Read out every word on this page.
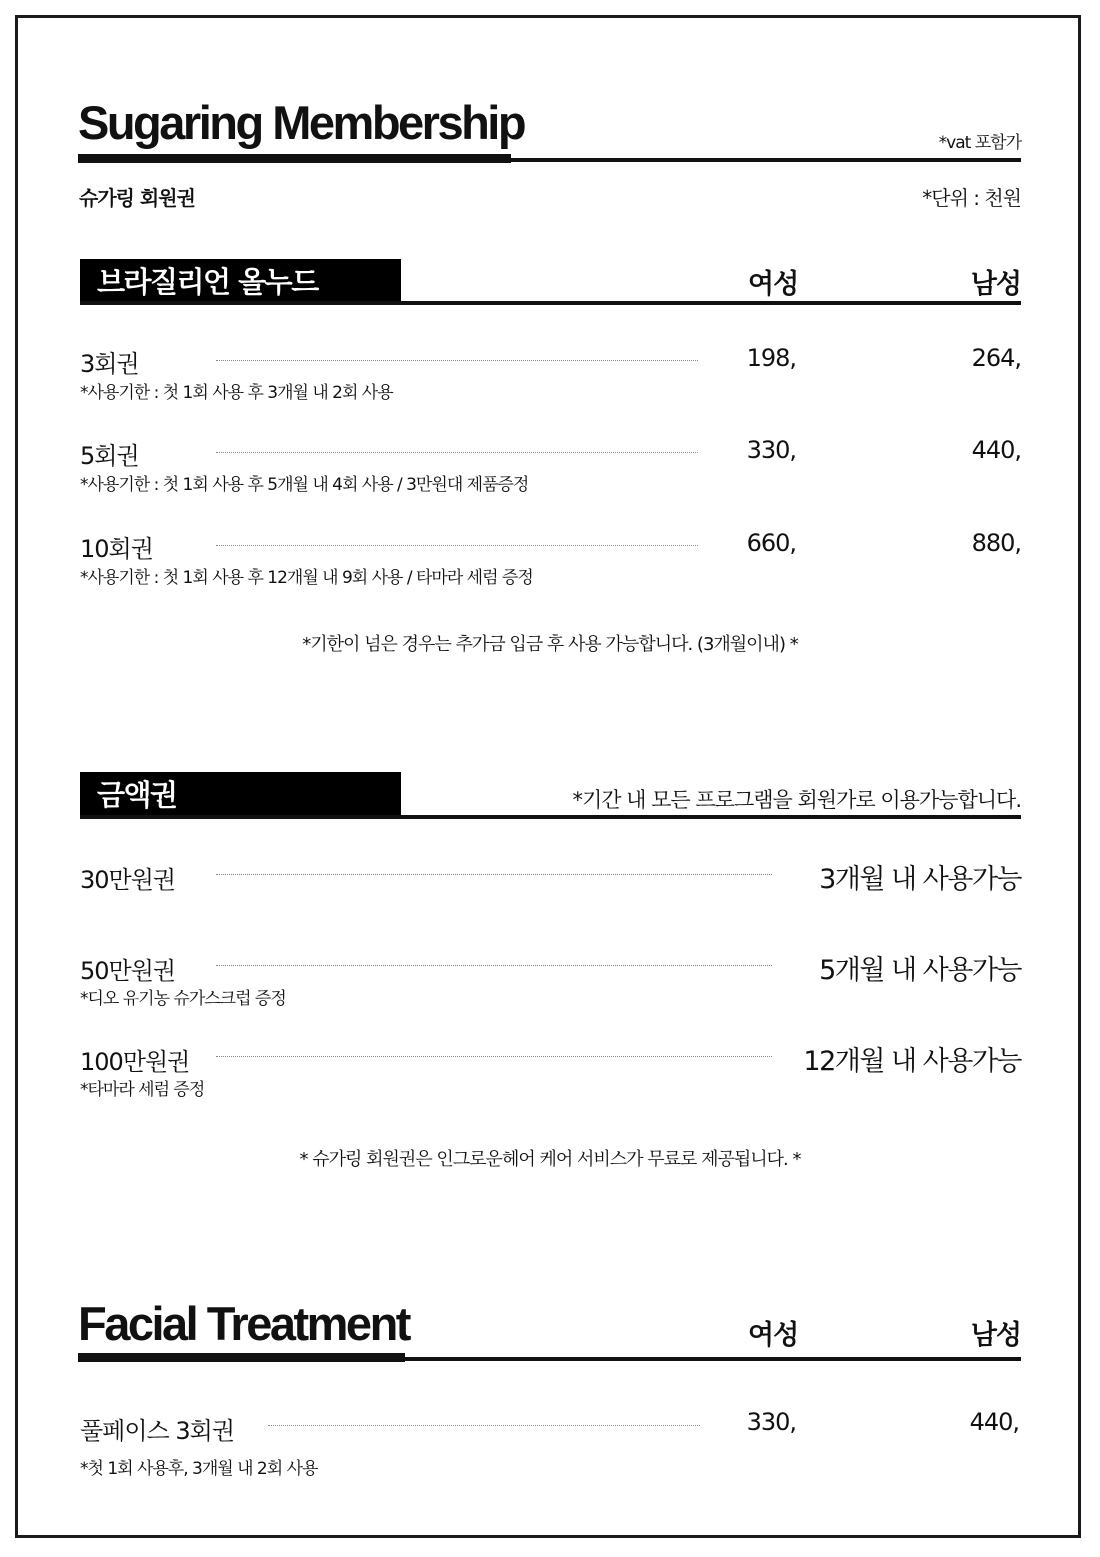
Sugaring Membership	*vat 포함가
슈가링 회원권	*단위 : 천원
브라질리언 올누드	여성	남성
3회권	198,	264,
*사용기한 : 첫 1회 사용 후 3개월 내 2회 사용
5회권	330,	440,
*사용기한 : 첫 1회 사용 후 5개월 내 4회 사용 / 3만원대 제품증정
10회권	660,	880,
*사용기한 : 첫 1회 사용 후 12개월 내 9회 사용 / 타마라 세럼 증정
*기한이 넘은 경우는 추가금 입금 후 사용 가능합니다. (3개월이내) *
금액권	*기간 내 모든 프로그램을 회원가로 이용가능합니다.
30만원권	3개월 내 사용가능
50만원권	5개월 내 사용가능
*디오 유기농 슈가스크럽 증정
100만원권	12개월 내 사용가능
*타마라 세럼 증정
* 슈가링 회원권은 인그로운헤어 케어 서비스가 무료로 제공됩니다. *
Facial Treatment	여성	남성
풀페이스 3회권	330,	440,
*첫 1회 사용후, 3개월 내 2회 사용
